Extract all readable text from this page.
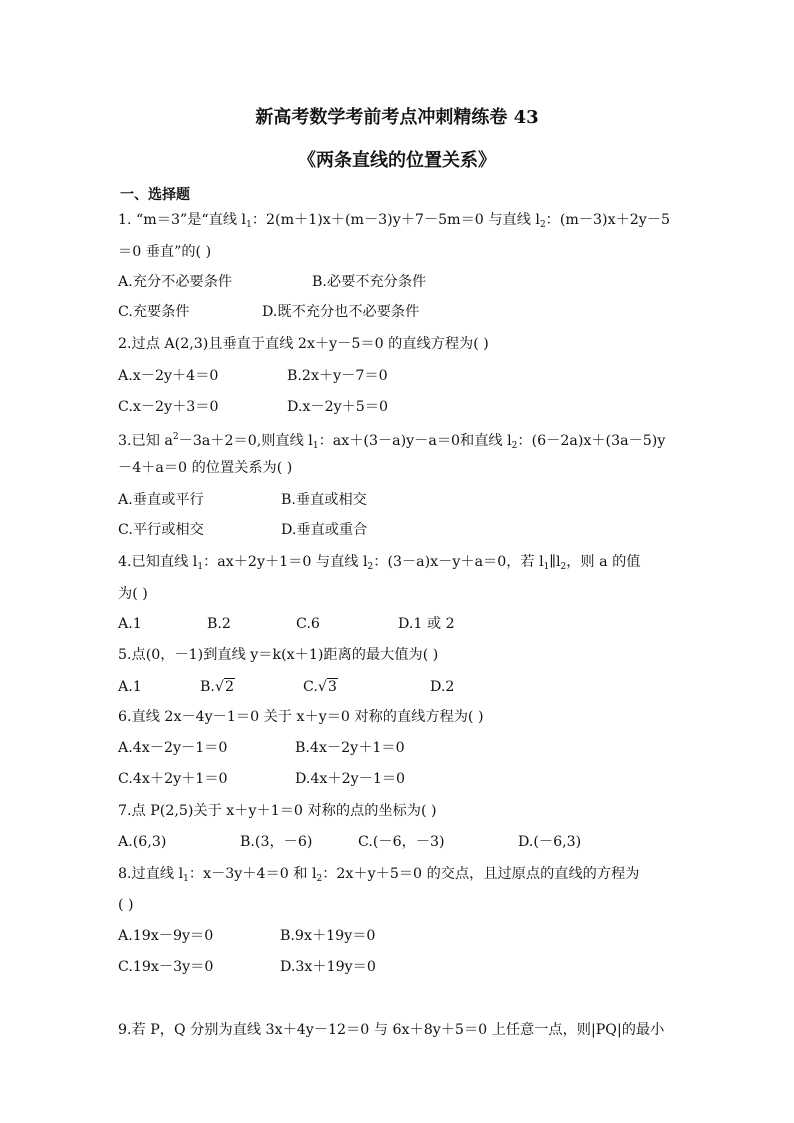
新高考数学考前考点冲刺精练卷 43
《两条直线的位置关系》
一、选择题
1. “m＝3”是“直线 $l_1$：2(m＋1)x＋(m－3)y＋7－5m＝0 与直线 $l_2$：(m－3)x＋2y－5
＝0 垂直”的( )
A.充分不必要条件	B.必要不充分条件
C.充要条件	D.既不充分也不必要条件
2.过点 A(2,3)且垂直于直线 2x＋y－5＝0 的直线方程为( )
A.x－2y＋4＝0	B.2x＋y－7＝0
C.x－2y＋3＝0	D.x－2y＋5＝0
3.已知 $a^2-3a+2=0$,则直线 $l_1$：ax＋(3－a)y－a＝0和直线 $l_2$：(6－2a)x＋(3a－5)y
－4＋a＝0 的位置关系为( )
A.垂直或平行	B.垂直或相交
C.平行或相交	D.垂直或重合
4.已知直线 $l_1$：ax＋2y＋1＝0 与直线 $l_2$：(3－a)x－y＋a＝0，若 $l_1\parallel l_2$，则 a 的值
为( )
A.1	B.2	C.6	D.1 或 2
5.点(0，－1)到直线 y＝k(x＋1)距离的最大值为( )
A.1	B.√2	C.√3	D.2
6.直线 2x－4y－1＝0 关于 x＋y＝0 对称的直线方程为( )
A.4x－2y－1＝0	B.4x－2y＋1＝0
C.4x＋2y＋1＝0	D.4x＋2y－1＝0
7.点 P(2,5)关于 x＋y＋1＝0 对称的点的坐标为( )
A.(6,3)	B.(3，－6)	C.(－6，－3)	D.(－6,3)
8.过直线 $l_1$：x－3y＋4＝0 和 $l_2$：2x＋y＋5＝0 的交点，且过原点的直线的方程为
( )
A.19x－9y＝0	B.9x＋19y＝0
C.19x－3y＝0	D.3x＋19y＝0
9.若 P，Q 分别为直线 3x＋4y－12＝0 与 6x＋8y＋5＝0 上任意一点，则|PQ|的最小
